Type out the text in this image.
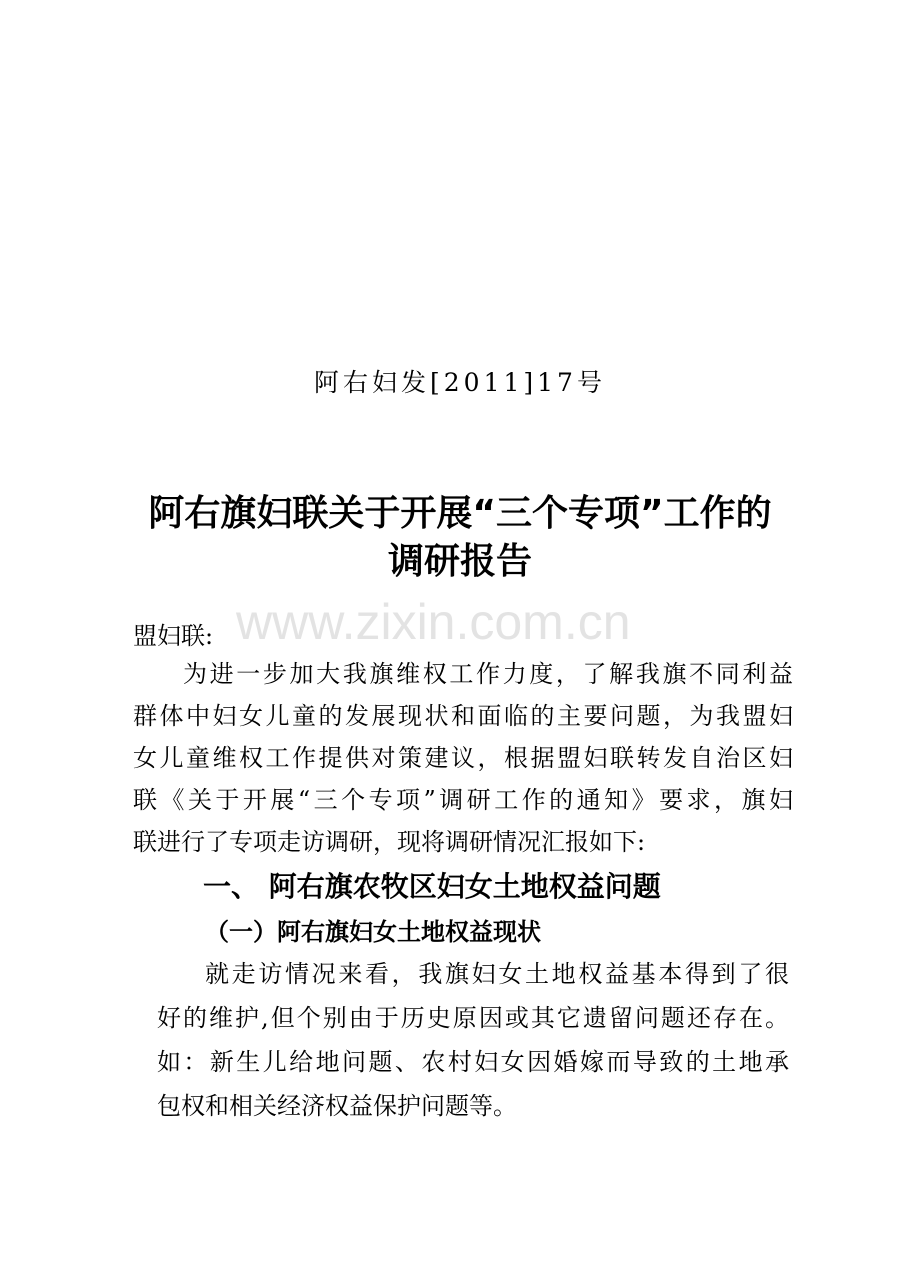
阿右妇发[2011]17号
阿右旗妇联关于开展“三个专项”工作的
调研报告
www.zixin.com.cn
盟妇联:
为进一步加大我旗维权工作力度，了解我旗不同利益
群体中妇女儿童的发展现状和面临的主要问题，为我盟妇
女儿童维权工作提供对策建议，根据盟妇联转发自治区妇
联《关于开展“三个专项”调研工作的通知》要求，旗妇
联进行了专项走访调研，现将调研情况汇报如下:
一、 阿右旗农牧区妇女土地权益问题
（一）阿右旗妇女土地权益现状
就走访情况来看，我旗妇女土地权益基本得到了很
好的维护,但个别由于历史原因或其它遗留问题还存在。
如：新生儿给地问题、农村妇女因婚嫁而导致的土地承
包权和相关经济权益保护问题等。
